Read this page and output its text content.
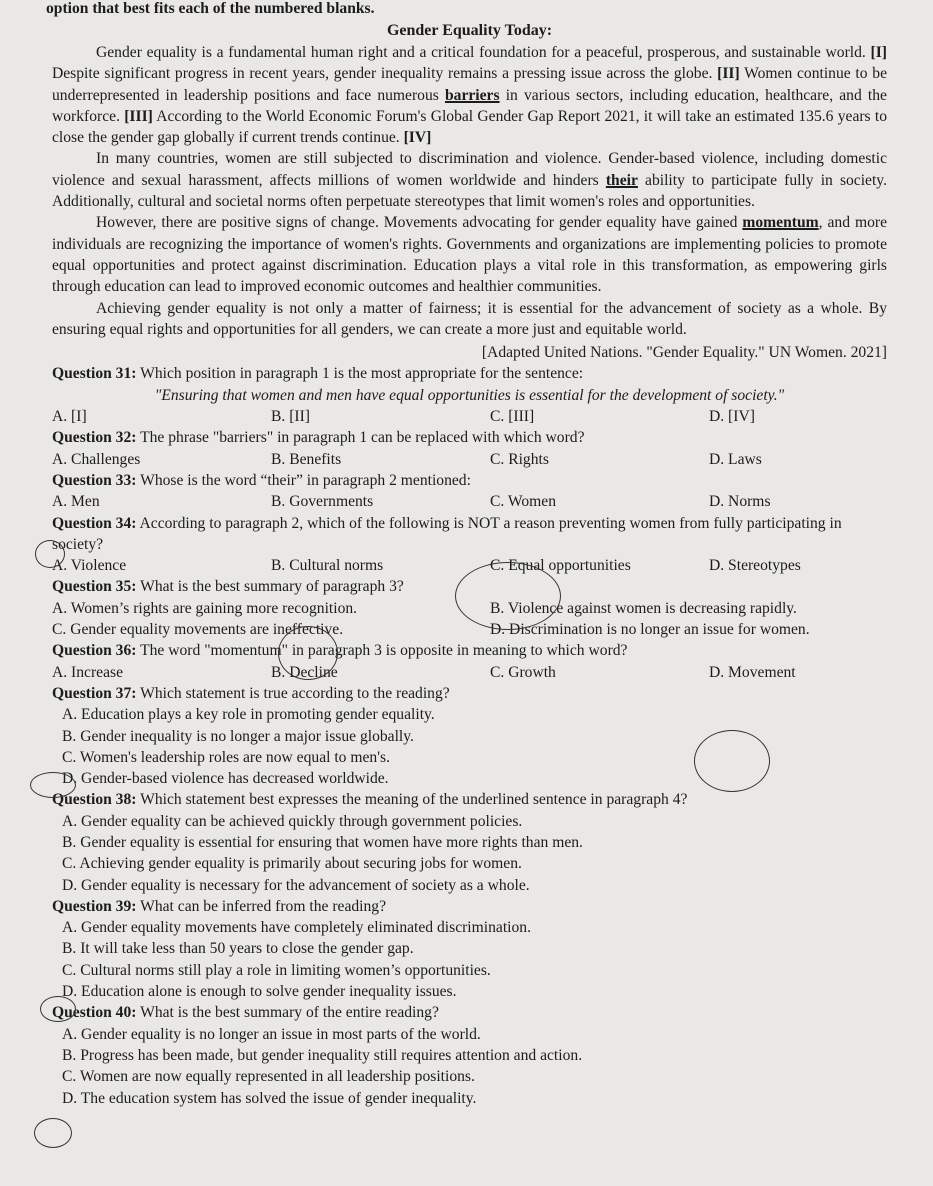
option that best fits each of the numbered blanks.

Gender Equality Today:

Gender equality is a fundamental human right and a critical foundation for a peaceful, prosperous, and sustainable world. [I] Despite significant progress in recent years, gender inequality remains a pressing issue across the globe. [II] Women continue to be underrepresented in leadership positions and face numerous barriers in various sectors, including education, healthcare, and the workforce. [III] According to the World Economic Forum's Global Gender Gap Report 2021, it will take an estimated 135.6 years to close the gender gap globally if current trends continue. [IV]

In many countries, women are still subjected to discrimination and violence. Gender-based violence, including domestic violence and sexual harassment, affects millions of women worldwide and hinders their ability to participate fully in society. Additionally, cultural and societal norms often perpetuate stereotypes that limit women's roles and opportunities.

However, there are positive signs of change. Movements advocating for gender equality have gained momentum, and more individuals are recognizing the importance of women's rights. Governments and organizations are implementing policies to promote equal opportunities and protect against discrimination. Education plays a vital role in this transformation, as empowering girls through education can lead to improved economic outcomes and healthier communities.

Achieving gender equality is not only a matter of fairness; it is essential for the advancement of society as a whole. By ensuring equal rights and opportunities for all genders, we can create a more just and equitable world.

[Adapted United Nations. "Gender Equality." UN Women. 2021]

Question 31: Which position in paragraph 1 is the most appropriate for the sentence:

"Ensuring that women and men have equal opportunities is essential for the development of society."

A. [I]	B. [II]	C. [III]	D. [IV]

Question 32: The phrase "barriers" in paragraph 1 can be replaced with which word?

A. Challenges	B. Benefits	C. Rights	D. Laws

Question 33: Whose is the word “their” in paragraph 2 mentioned:

A. Men	B. Governments	C. Women	D. Norms

Question 34: According to paragraph 2, which of the following is NOT a reason preventing women from fully participating in society?

A. Violence	B. Cultural norms	C. Equal opportunities	D. Stereotypes

Question 35: What is the best summary of paragraph 3?

A. Women’s rights are gaining more recognition.	B. Violence against women is decreasing rapidly.
C. Gender equality movements are ineffective.	D. Discrimination is no longer an issue for women.

Question 36: The word "momentum" in paragraph 3 is opposite in meaning to which word?

A. Increase	B. Decline	C. Growth	D. Movement

Question 37: Which statement is true according to the reading?

A. Education plays a key role in promoting gender equality.

B. Gender inequality is no longer a major issue globally.

C. Women's leadership roles are now equal to men's.

D. Gender-based violence has decreased worldwide.

Question 38: Which statement best expresses the meaning of the underlined sentence in paragraph 4?

A. Gender equality can be achieved quickly through government policies.

B. Gender equality is essential for ensuring that women have more rights than men.

C. Achieving gender equality is primarily about securing jobs for women.

D. Gender equality is necessary for the advancement of society as a whole.

Question 39: What can be inferred from the reading?

A. Gender equality movements have completely eliminated discrimination.

B. It will take less than 50 years to close the gender gap.

C. Cultural norms still play a role in limiting women’s opportunities.

D. Education alone is enough to solve gender inequality issues.

Question 40: What is the best summary of the entire reading?

A. Gender equality is no longer an issue in most parts of the world.

B. Progress has been made, but gender inequality still requires attention and action.

C. Women are now equally represented in all leadership positions.

D. The education system has solved the issue of gender inequality.
